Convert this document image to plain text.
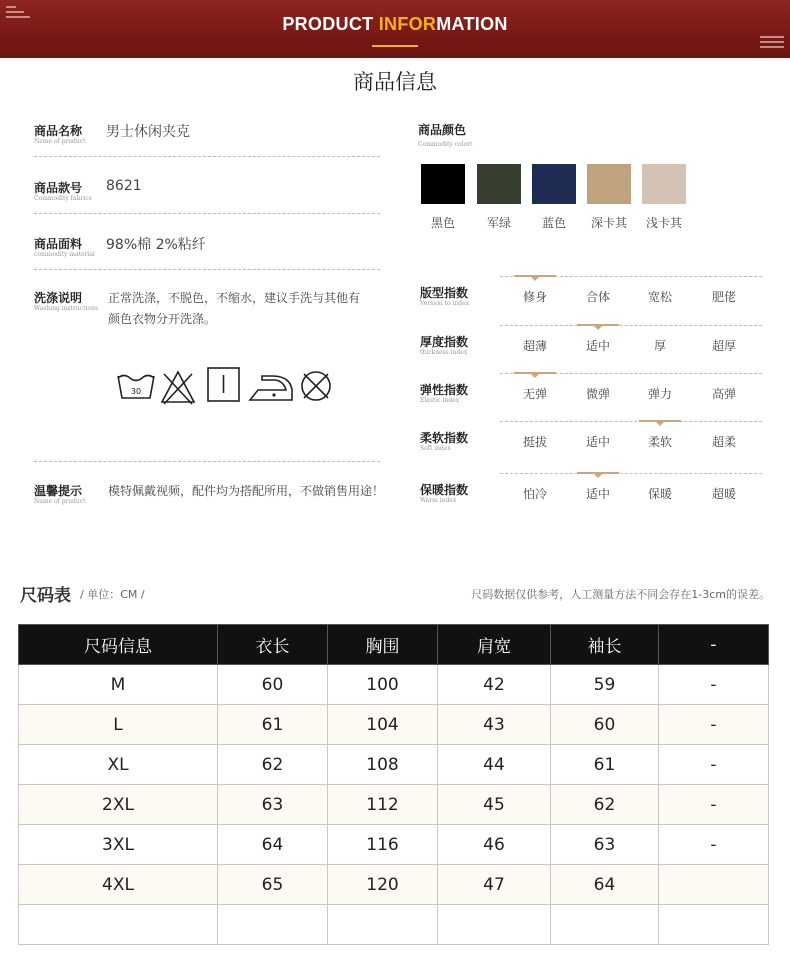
PRODUCT INFORMATION
商品信息
商品名称
Name of product
男士休闲夹克
商品款号
Commodity fabrics
8621
商品面料
commodity material
98%棉 2%粘纤
洗涤说明
Washing instructions
正常洗涤，不脱色，不缩水，建议手洗与其他有颜色衣物分开洗涤。
30
温馨提示
Name of product
模特佩戴视频，配件均为搭配所用，不做销售用途！
商品颜色
Commodity colort
黑色	军绿	蓝色	深卡其	浅卡其
版型指数
Version to index	修身	合体	宽松	肥佬
厚度指数
thickness index	超薄	适中	厚	超厚
弹性指数
Elastic index	无弹	微弹	弹力	高弹
柔软指数
Soft index	挺拔	适中	柔软	超柔
保暖指数
Warm index	怕冷	适中	保暖	超暖
尺码表 / 单位：CM /	尺码数据仅供参考，人工测量方法不同会存在1-3cm的误差。
尺码信息	衣长	胸围	肩宽	袖长	-
M	60	100	42	59	-
L	61	104	43	60	-
XL	62	108	44	61	-
2XL	63	112	45	62	-
3XL	64	116	46	63	-
4XL	65	120	47	64	
